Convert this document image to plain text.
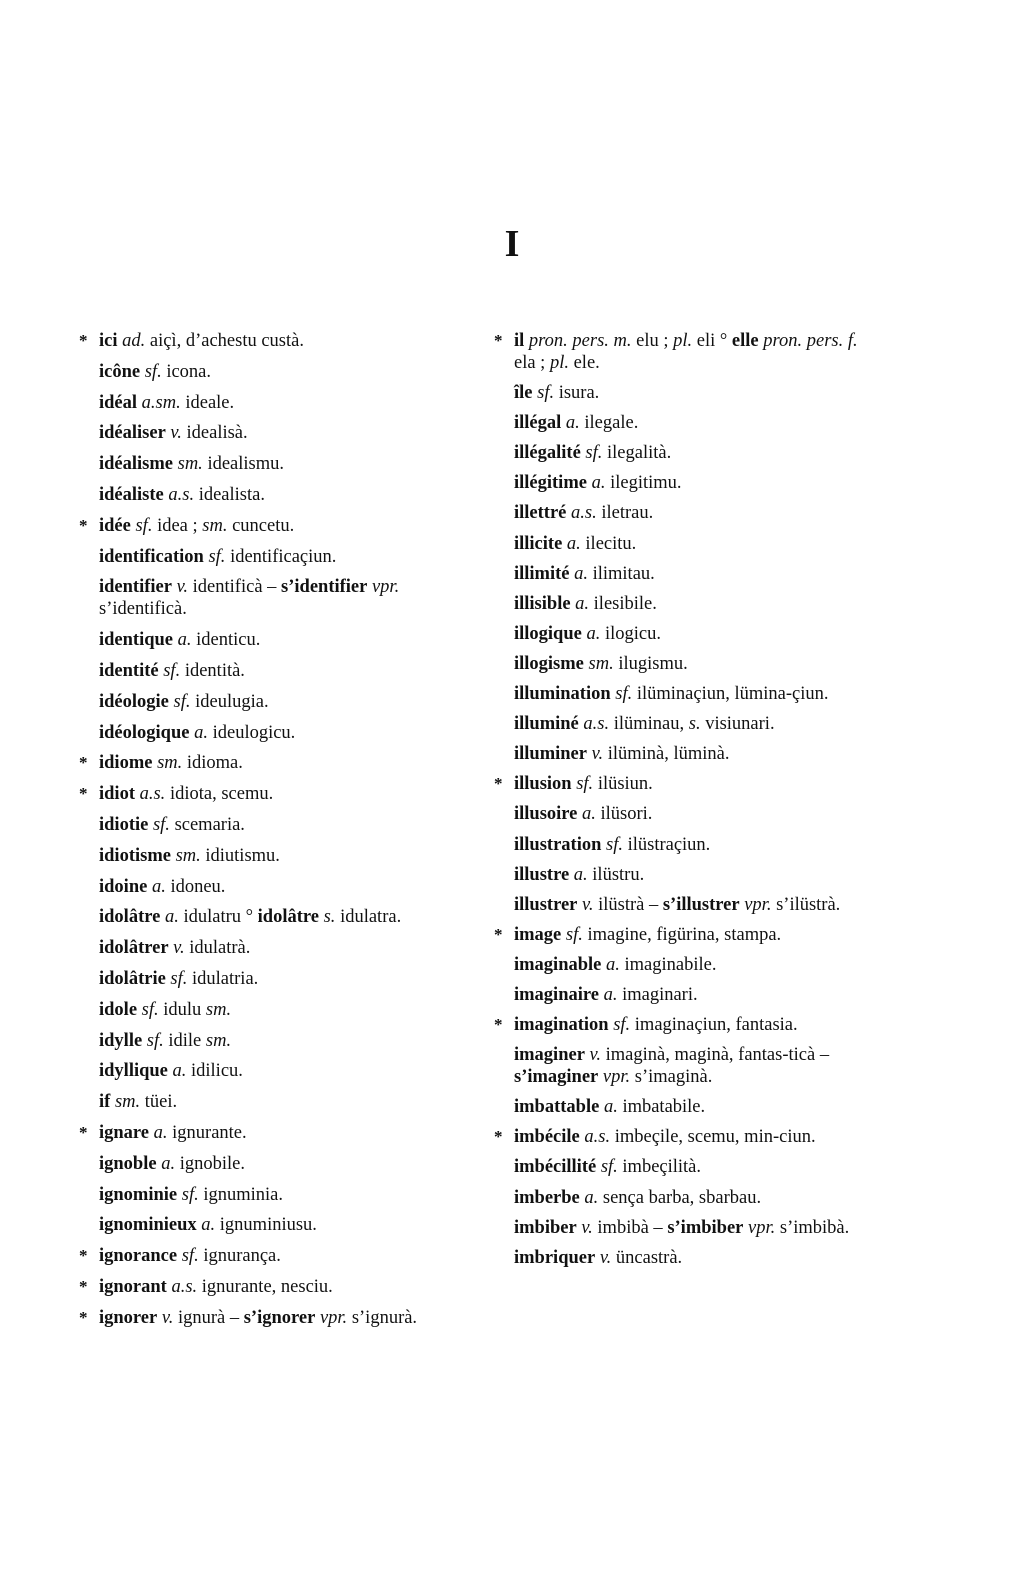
I
* ici ad. aiçì, d’achestu custà.
icône sf. icona.
idéal a.sm. ideale.
idéaliser v. idealisà.
idéalisme sm. idealismu.
idéaliste a.s. idealista.
* idée sf. idea ; sm. cuncetu.
identification sf. identificaçiun.
identifier v. identificà – s’identifier vpr. s’identificà.
identique a. identicu.
identité sf. identità.
idéologie sf. ideulugia.
idéologique a. ideulogicu.
* idiome sm. idioma.
* idiot a.s. idiota, scemu.
idiotie sf. scemaria.
idiotisme sm. idiutismu.
idoine a. idoneu.
idolâtre a. idulatru ° idolâtre s. idulatra.
idolâtrer v. idulatrà.
idolâtrie sf. idulatria.
idole sf. idulu sm.
idylle sf. idile sm.
idyllique a. idilicu.
if sm. tüei.
* ignare a. ignurante.
ignoble a. ignobile.
ignominie sf. ignuminia.
ignominieux a. ignuminiusu.
* ignorance sf. ignurança.
* ignorant a.s. ignurante, nesciu.
* ignorer v. ignurà – s’ignorer vpr. s’ignurà.
* il pron. pers. m. elu ; pl. eli ° elle pron. pers. f. ela ; pl. ele.
île sf. isura.
illégal a. ilegale.
illégalité sf. ilegalità.
illégitime a. ilegitimu.
illettré a.s. iletrau.
illicite a. ilecitu.
illimité a. ilimitau.
illisible a. ilesibile.
illogique a. ilogicu.
illogisme sm. ilugismu.
illumination sf. ilüminaçiun, lümina-çiun.
illuminé a.s. ilüminau, s. visiunari.
illuminer v. ilüminà, lüminà.
* illusion sf. ilüsiun.
illusoire a. ilüsori.
illustration sf. ilüstraçiun.
illustre a. ilüstru.
illustrer v. ilüstrà – s’illustrer vpr. s’ilüstrà.
* image sf. imagine, figürina, stampa.
imaginable a. imaginabile.
imaginaire a. imaginari.
* imagination sf. imaginaçiun, fantasia.
imaginer v. imaginà, maginà, fantas-ticà – s’imaginer vpr. s’imaginà.
imbattable a. imbatabile.
* imbécile a.s. imbeçile, scemu, min-ciun.
imbécillité sf. imbeçilità.
imberbe a. sença barba, sbarbau.
imbiber v. imbibà – s’imbiber vpr. s’imbibà.
imbriquer v. üncastrà.
